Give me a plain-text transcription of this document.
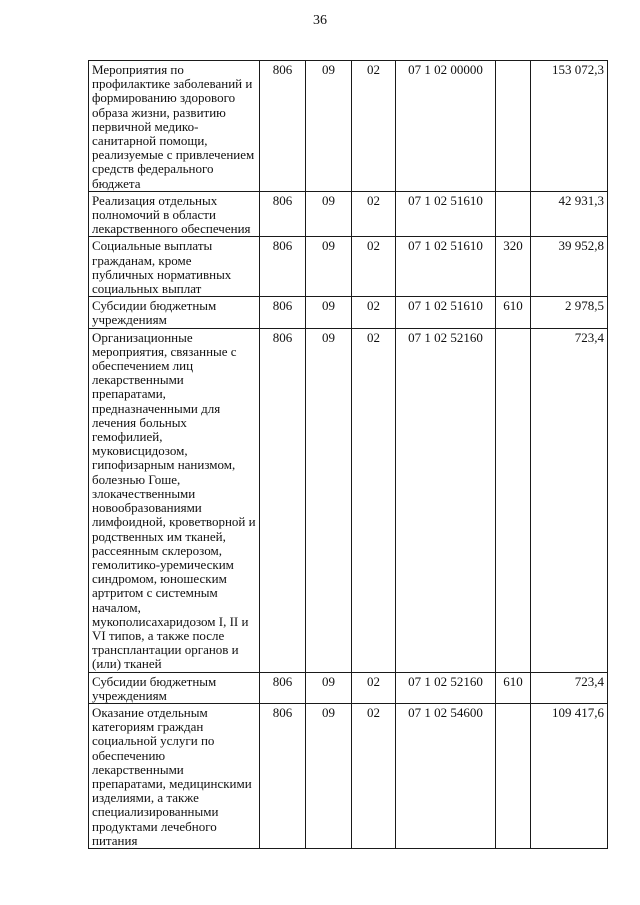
36
Мероприятия по профилактике заболеваний и формированию здорового образа жизни, развитию первичной медико-санитарной помощи, реализуемые с привлечением средств федерального бюджета	806	09	02	07 1 02 00000		153 072,3
Реализация отдельных полномочий в области лекарственного обеспечения	806	09	02	07 1 02 51610		42 931,3
Социальные выплаты гражданам, кроме публичных нормативных социальных выплат	806	09	02	07 1 02 51610	320	39 952,8
Субсидии бюджетным учреждениям	806	09	02	07 1 02 51610	610	2 978,5
Организационные мероприятия, связанные с обеспечением лиц лекарственными препаратами, предназначенными для лечения больных гемофилией, муковисцидозом, гипофизарным нанизмом, болезнью Гоше, злокачественными новообразованиями лимфоидной, кроветворной и родственных им тканей, рассеянным склерозом, гемолитико-уремическим синдромом, юношеским артритом с системным началом, мукополисахаридозом I, II и VI типов, а также после трансплантации органов и (или) тканей	806	09	02	07 1 02 52160		723,4
Субсидии бюджетным учреждениям	806	09	02	07 1 02 52160	610	723,4
Оказание отдельным категориям граждан социальной услуги по обеспечению лекарственными препаратами, медицинскими изделиями, а также специализированными продуктами лечебного питания	806	09	02	07 1 02 54600		109 417,6
